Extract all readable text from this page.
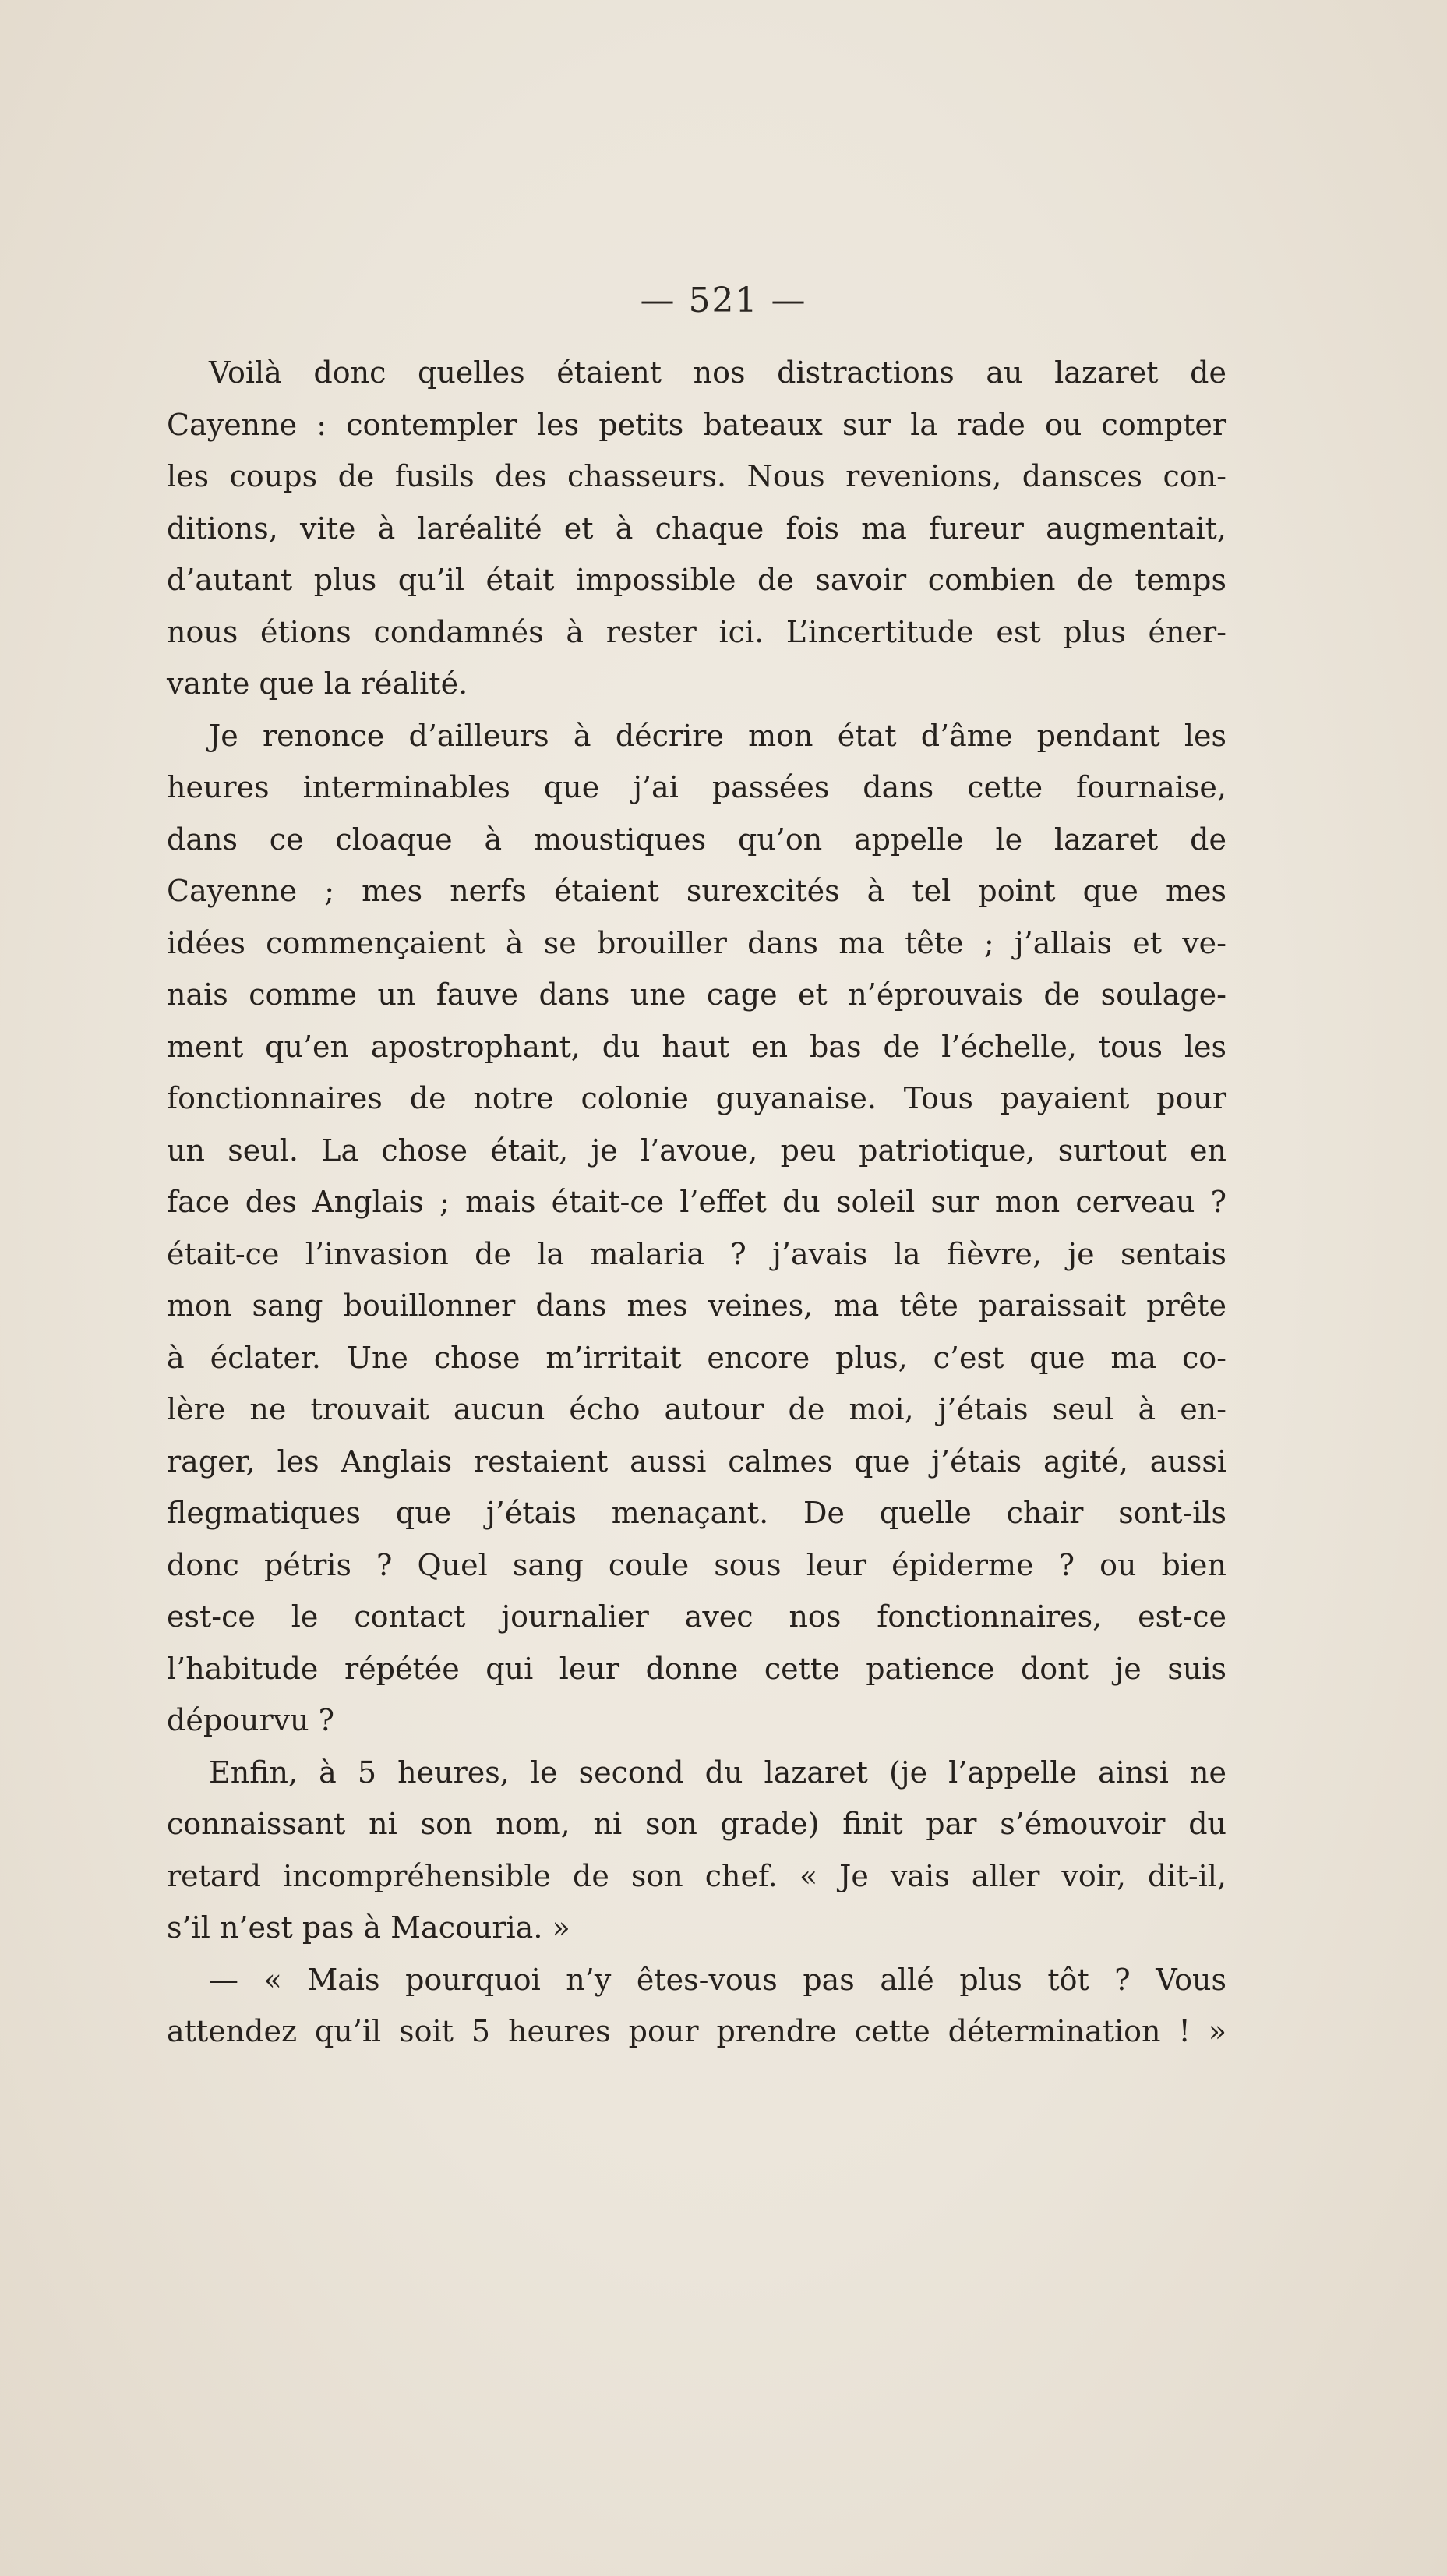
— 521 —
Voilà donc quelles étaient nos distractions au lazaret de
Cayenne : contempler les petits bateaux sur la rade ou compter
les coups de fusils des chasseurs. Nous revenions, dansces con-
ditions, vite à laréalité et à chaque fois ma fureur augmentait,
d’autant plus qu’il était impossible de savoir combien de temps
nous étions condamnés à rester ici. L’incertitude est plus éner-
vante que la réalité.
Je renonce d’ailleurs à décrire mon état d’âme pendant les
heures interminables que j’ai passées dans cette fournaise,
dans ce cloaque à moustiques qu’on appelle le lazaret de
Cayenne ; mes nerfs étaient surexcités à tel point que mes
idées commençaient à se brouiller dans ma tête ; j’allais et ve-
nais comme un fauve dans une cage et n’éprouvais de soulage-
ment qu’en apostrophant, du haut en bas de l’échelle, tous les
fonctionnaires de notre colonie guyanaise. Tous payaient pour
un seul. La chose était, je l’avoue, peu patriotique, surtout en
face des Anglais ; mais était-ce l’effet du soleil sur mon cerveau ?
était-ce l’invasion de la malaria ? j’avais la fièvre, je sentais
mon sang bouillonner dans mes veines, ma tête paraissait prête
à éclater. Une chose m’irritait encore plus, c’est que ma co-
lère ne trouvait aucun écho autour de moi, j’étais seul à en-
rager, les Anglais restaient aussi calmes que j’étais agité, aussi
flegmatiques que j’étais menaçant. De quelle chair sont-ils
donc pétris ? Quel sang coule sous leur épiderme ? ou bien
est-ce le contact journalier avec nos fonctionnaires, est-ce
l’habitude répétée qui leur donne cette patience dont je suis
dépourvu ?
Enfin, à 5 heures, le second du lazaret (je l’appelle ainsi ne
connaissant ni son nom, ni son grade) finit par s’émouvoir du
retard incompréhensible de son chef. « Je vais aller voir, dit-il,
s’il n’est pas à Macouria. »
— « Mais pourquoi n’y êtes-vous pas allé plus tôt ? Vous
attendez qu’il soit 5 heures pour prendre cette détermination ! »
